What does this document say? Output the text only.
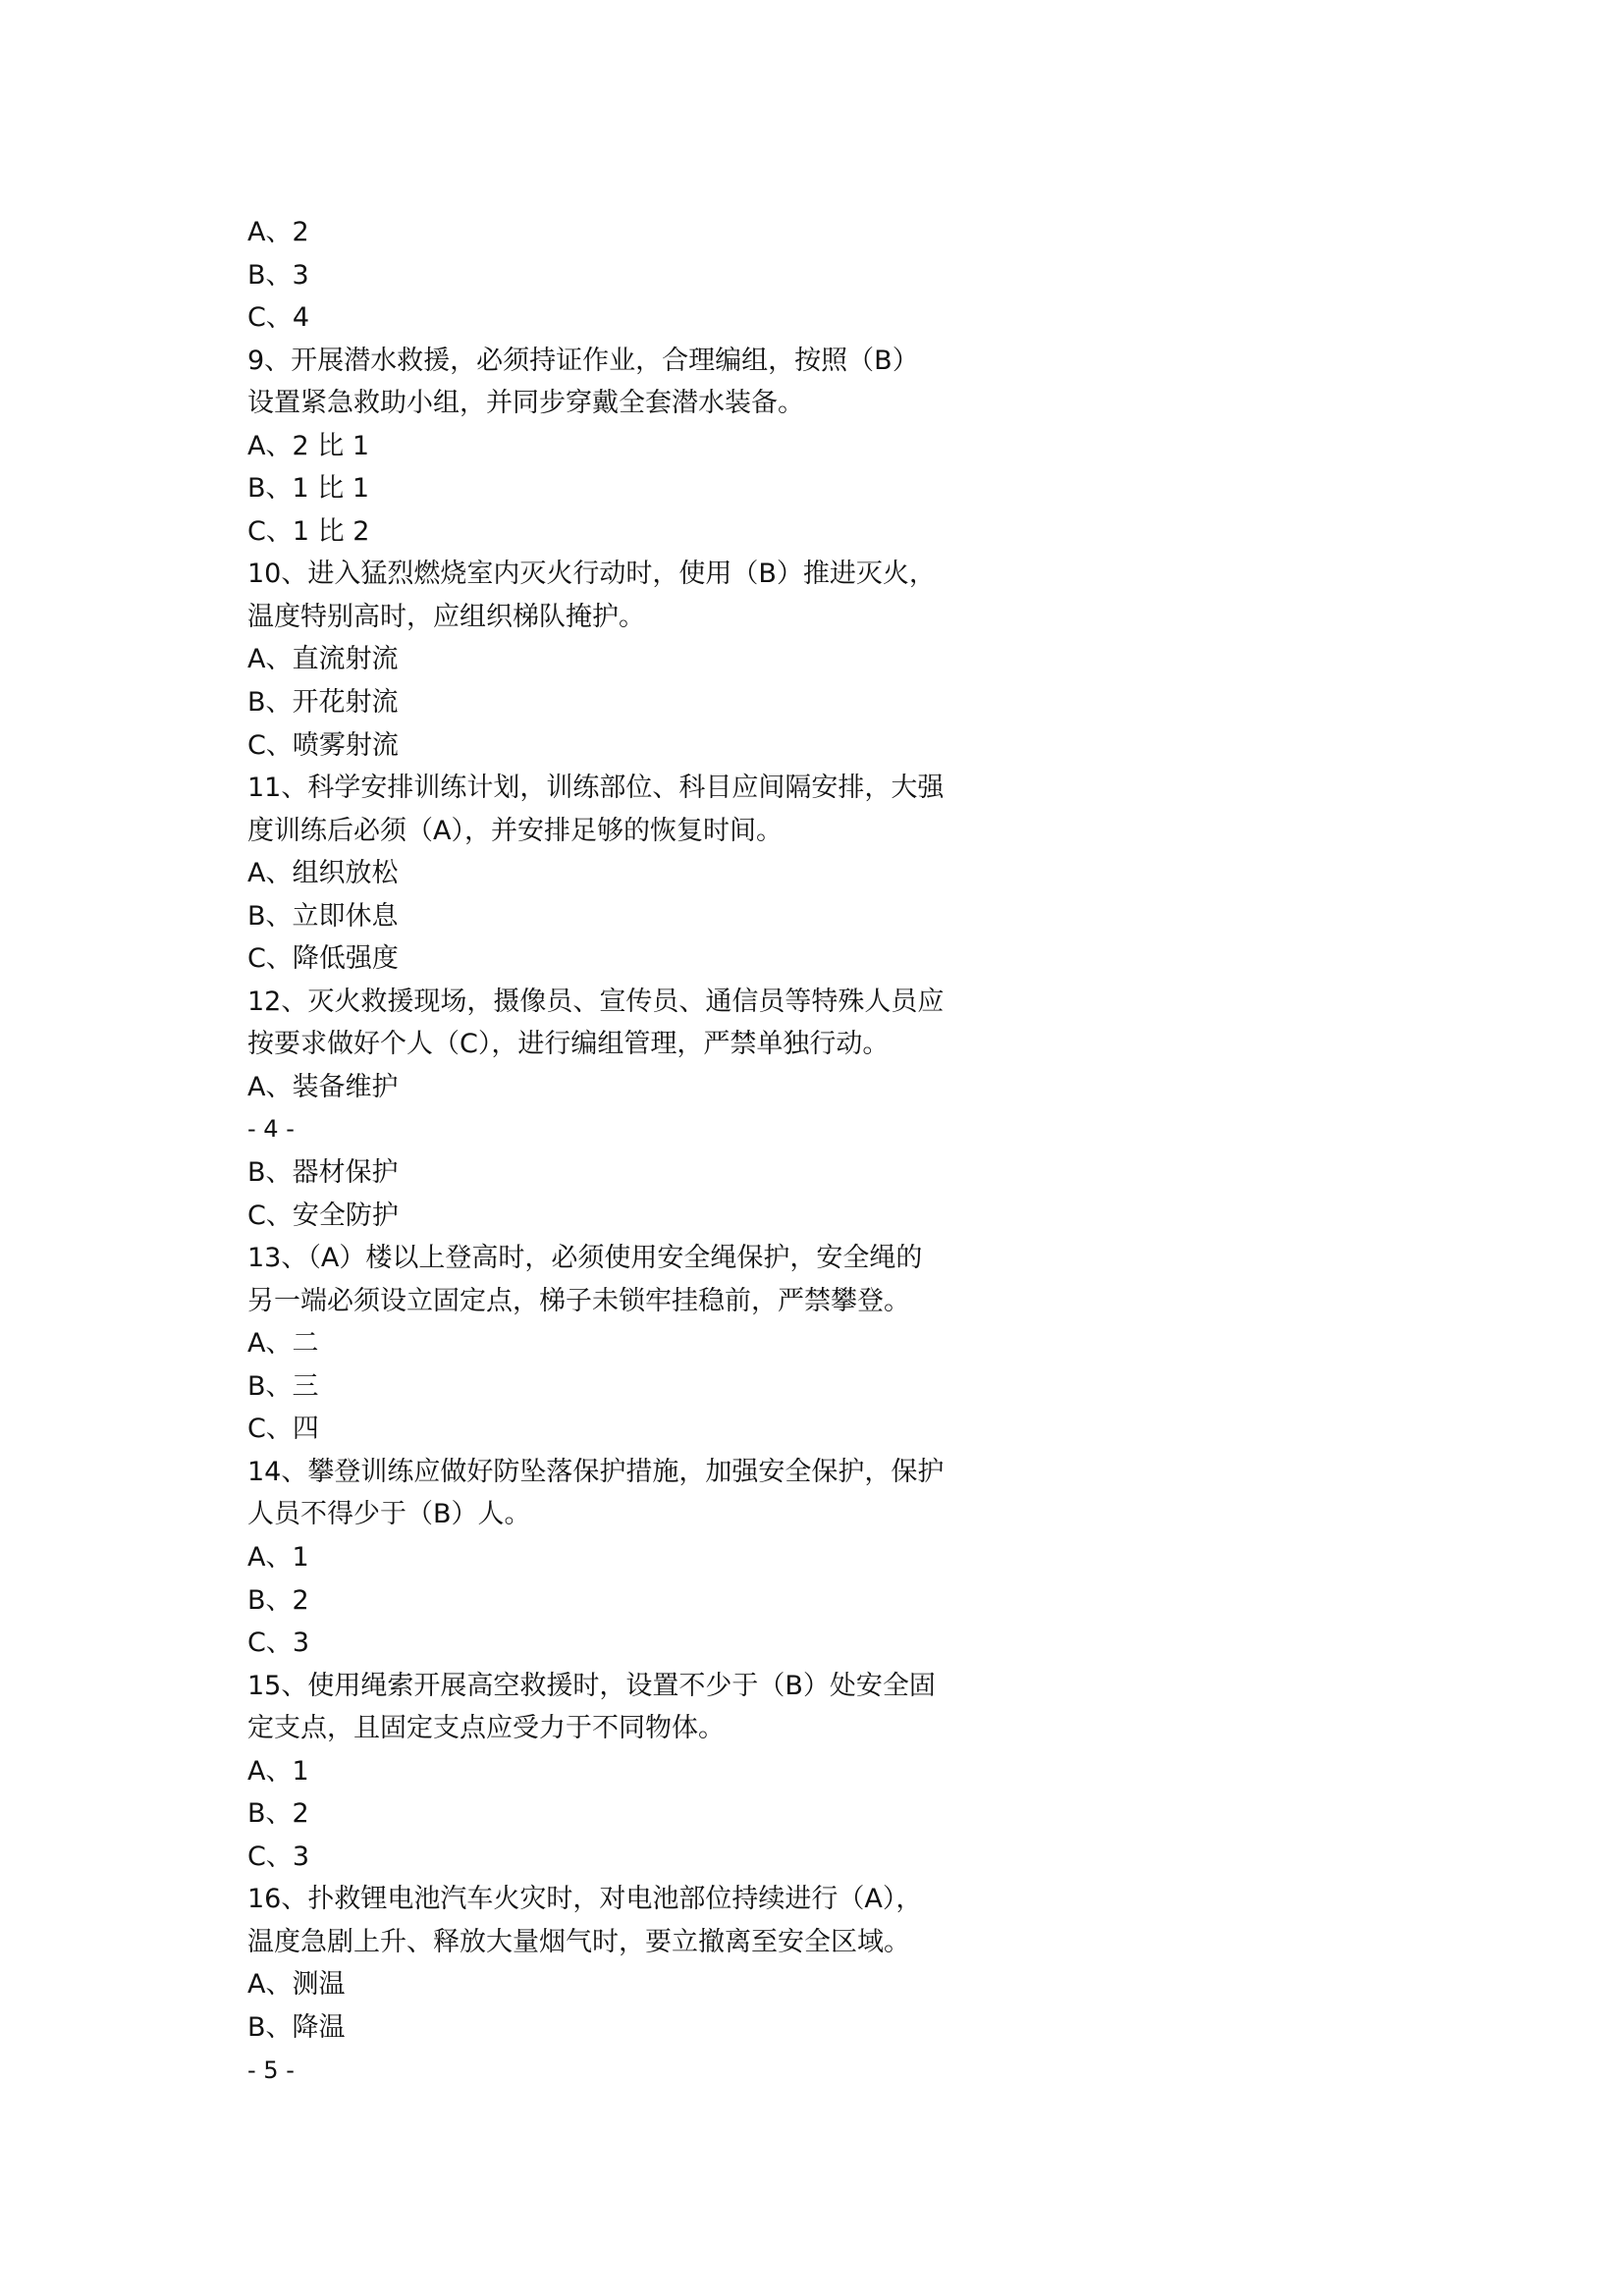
A、2
B、3
C、4
9、开展潜水救援，必须持证作业，合理编组，按照（B）
设置紧急救助小组，并同步穿戴全套潜水装备。
A、2 比 1
B、1 比 1
C、1 比 2
10、进入猛烈燃烧室内灭火行动时，使用（B）推进灭火，
温度特别高时，应组织梯队掩护。
A、直流射流
B、开花射流
C、喷雾射流
11、科学安排训练计划，训练部位、科目应间隔安排，大强
度训练后必须（A），并安排足够的恢复时间。
A、组织放松
B、立即休息
C、降低强度
12、灭火救援现场，摄像员、宣传员、通信员等特殊人员应
按要求做好个人（C），进行编组管理，严禁单独行动。
A、装备维护
- 4 -
B、器材保护
C、安全防护
13、（A）楼以上登高时，必须使用安全绳保护，安全绳的
另一端必须设立固定点，梯子未锁牢挂稳前，严禁攀登。
A、二
B、三
C、四
14、攀登训练应做好防坠落保护措施，加强安全保护，保护
人员不得少于（B）人。
A、1
B、2
C、3
15、使用绳索开展高空救援时，设置不少于（B）处安全固
定支点，且固定支点应受力于不同物体。
A、1
B、2
C、3
16、扑救锂电池汽车火灾时，对电池部位持续进行（A），
温度急剧上升、释放大量烟气时，要立撤离至安全区域。
A、测温
B、降温
- 5 -
